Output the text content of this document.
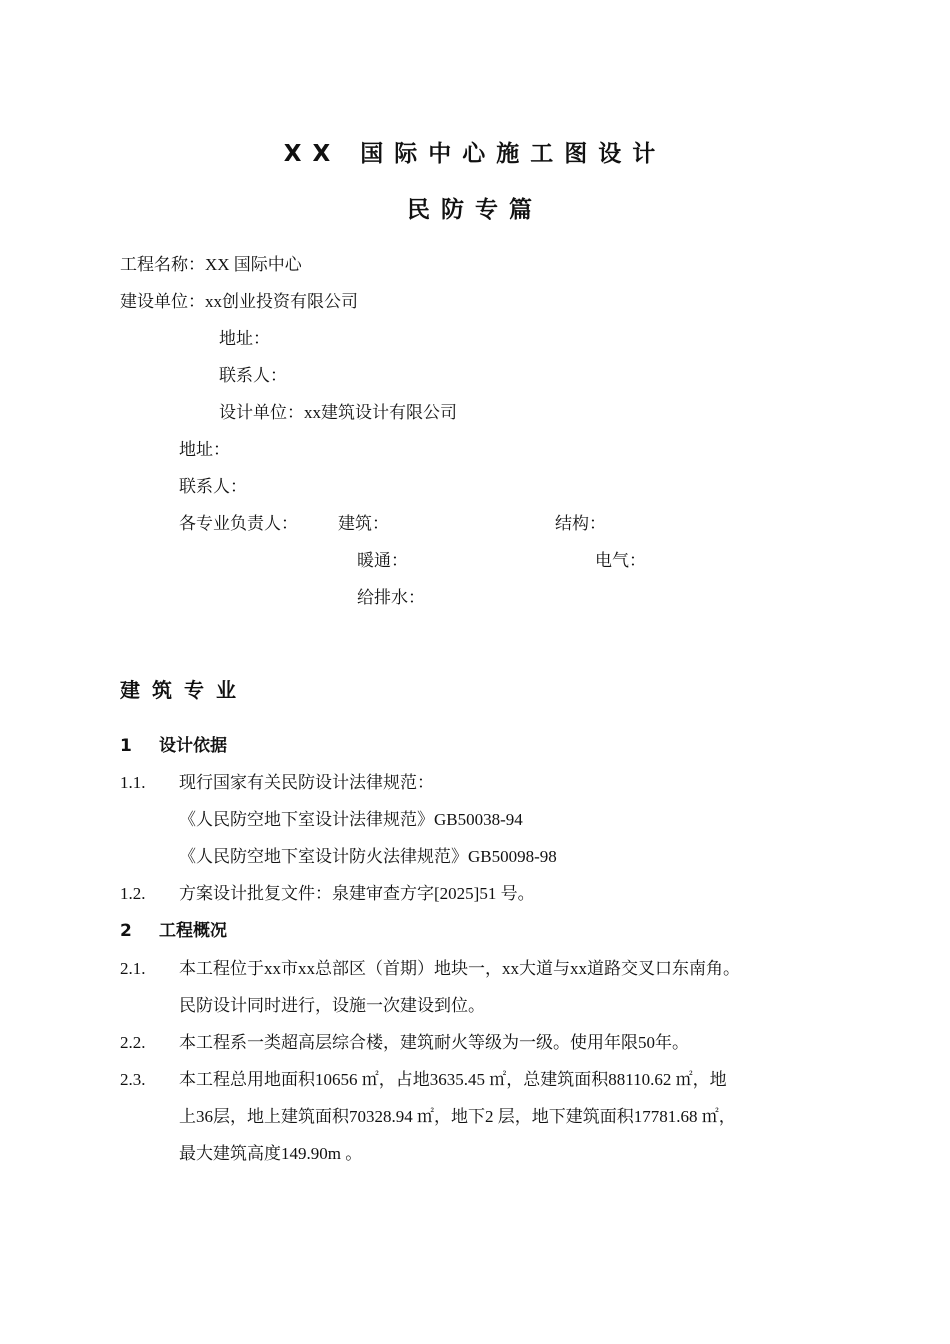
XX 国际中心施工图设计
民防专篇
工程名称：XX 国际中心
建设单位：xx创业投资有限公司
地址：
联系人：
设计单位：xx建筑设计有限公司
地址：
联系人：
各专业负责人： 建筑：	结构：
暖通：	电气：
给排水：
建筑专业
1 设计依据
1.1. 现行国家有关民防设计法律规范：
《人民防空地下室设计法律规范》GB50038-94
《人民防空地下室设计防火法律规范》GB50098-98
1.2. 方案设计批复文件：泉建审查方字[2025]51 号。
2 工程概况
2.1. 本工程位于xx市xx总部区（首期）地块一，xx大道与xx道路交叉口东南角。
民防设计同时进行，设施一次建设到位。
2.2. 本工程系一类超高层综合楼，建筑耐火等级为一级。使用年限50年。
2.3. 本工程总用地面积10656 ㎡，占地3635.45 ㎡，总建筑面积88110.62 ㎡，地
上36层，地上建筑面积70328.94 ㎡，地下2 层，地下建筑面积17781.68 ㎡，
最大建筑高度149.90m 。
